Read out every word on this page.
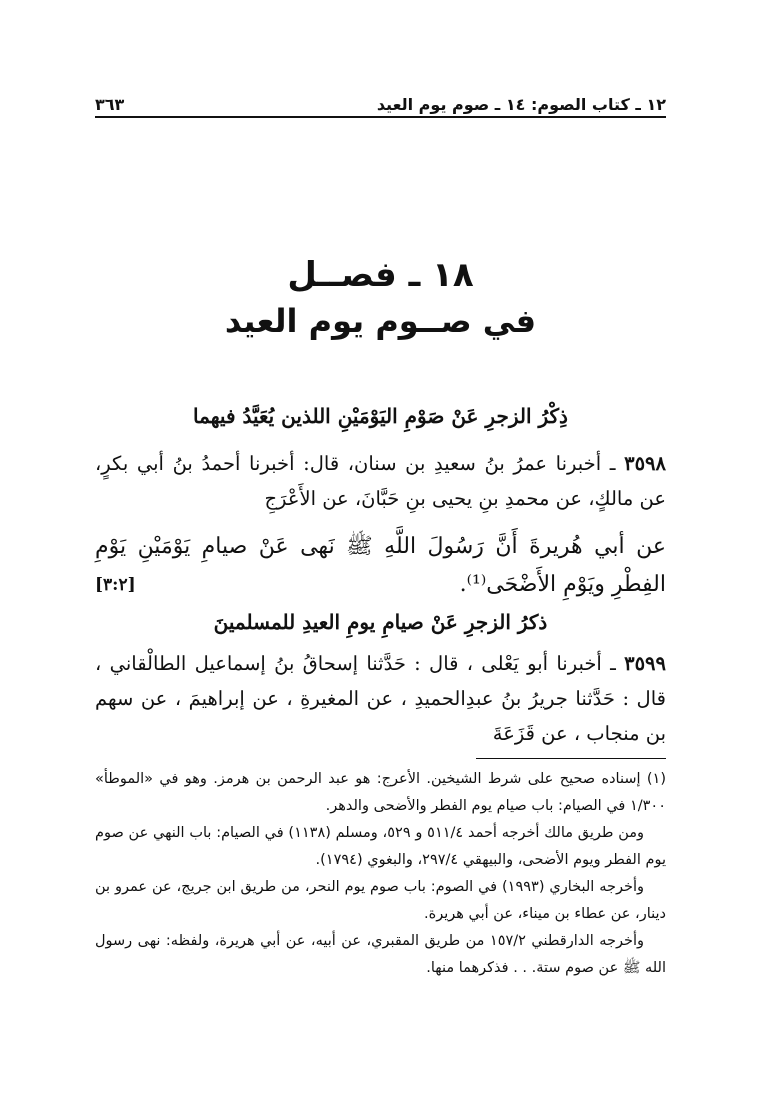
١٢ ـ كتاب الصوم: ١٤ ـ صوم يوم العيد
٣٦٣
١٨ ـ فصــل
في صــوم يوم العيد
ذِكْرُ الزجرِ عَنْ صَوْمِ اليَوْمَيْنِ اللذين يُعَيَّدُ فيهما
٣٥٩٨ ـ أخبرنا عمرُ بنُ سعيدِ بن سنان، قال: أخبرنا أحمدُ بنُ أبي بكرٍ، عن مالكٍ، عن محمدِ بنِ يحيى بنِ حَبَّانَ، عن الأَعْرَجِ
عن أبي هُريرةَ أَنَّ رَسُولَ اللَّهِ ﷺ نَهى عَنْ صيامِ يَوْمَيْنِ يَوْمِ الفِطْرِ ويَوْمِ الأَضْحَى⁽¹⁾.
[٣:٢]
ذكرُ الزجرِ عَنْ صيامِ يومِ العيدِ للمسلمينَ
٣٥٩٩ ـ أخبرنا أبو يَعْلى ، قال : حَدَّثنا إسحاقُ بنُ إسماعيل الطالْقاني ، قال : حَدَّثنا جريرُ بنُ عبدِالحميدِ ، عن المغيرةِ ، عن إبراهيمَ ، عن سهم بن منجاب ، عن قَزَعَةَ

(١) إسناده صحيح على شرط الشيخين. الأعرج: هو عبد الرحمن بن هرمز. وهو في «الموطأ» ١/٣٠٠ في الصيام: باب صيام يوم الفطر والأضحى والدهر.

ومن طريق مالك أخرجه أحمد ٥١١/٤ و ٥٢٩، ومسلم (١١٣٨) في الصيام: باب النهي عن صوم يوم الفطر ويوم الأضحى، والبيهقي ٢٩٧/٤، والبغوي (١٧٩٤).

وأخرجه البخاري (١٩٩٣) في الصوم: باب صوم يوم النحر، من طريق ابن جريج، عن عمرو بن دينار، عن عطاء بن ميناء، عن أبي هريرة.

وأخرجه الدارقطني ١٥٧/٢ من طريق المقبري، عن أبيه، عن أبي هريرة، ولفظه: نهى رسول الله ﷺ عن صوم ستة. . . فذكرهما منها.
